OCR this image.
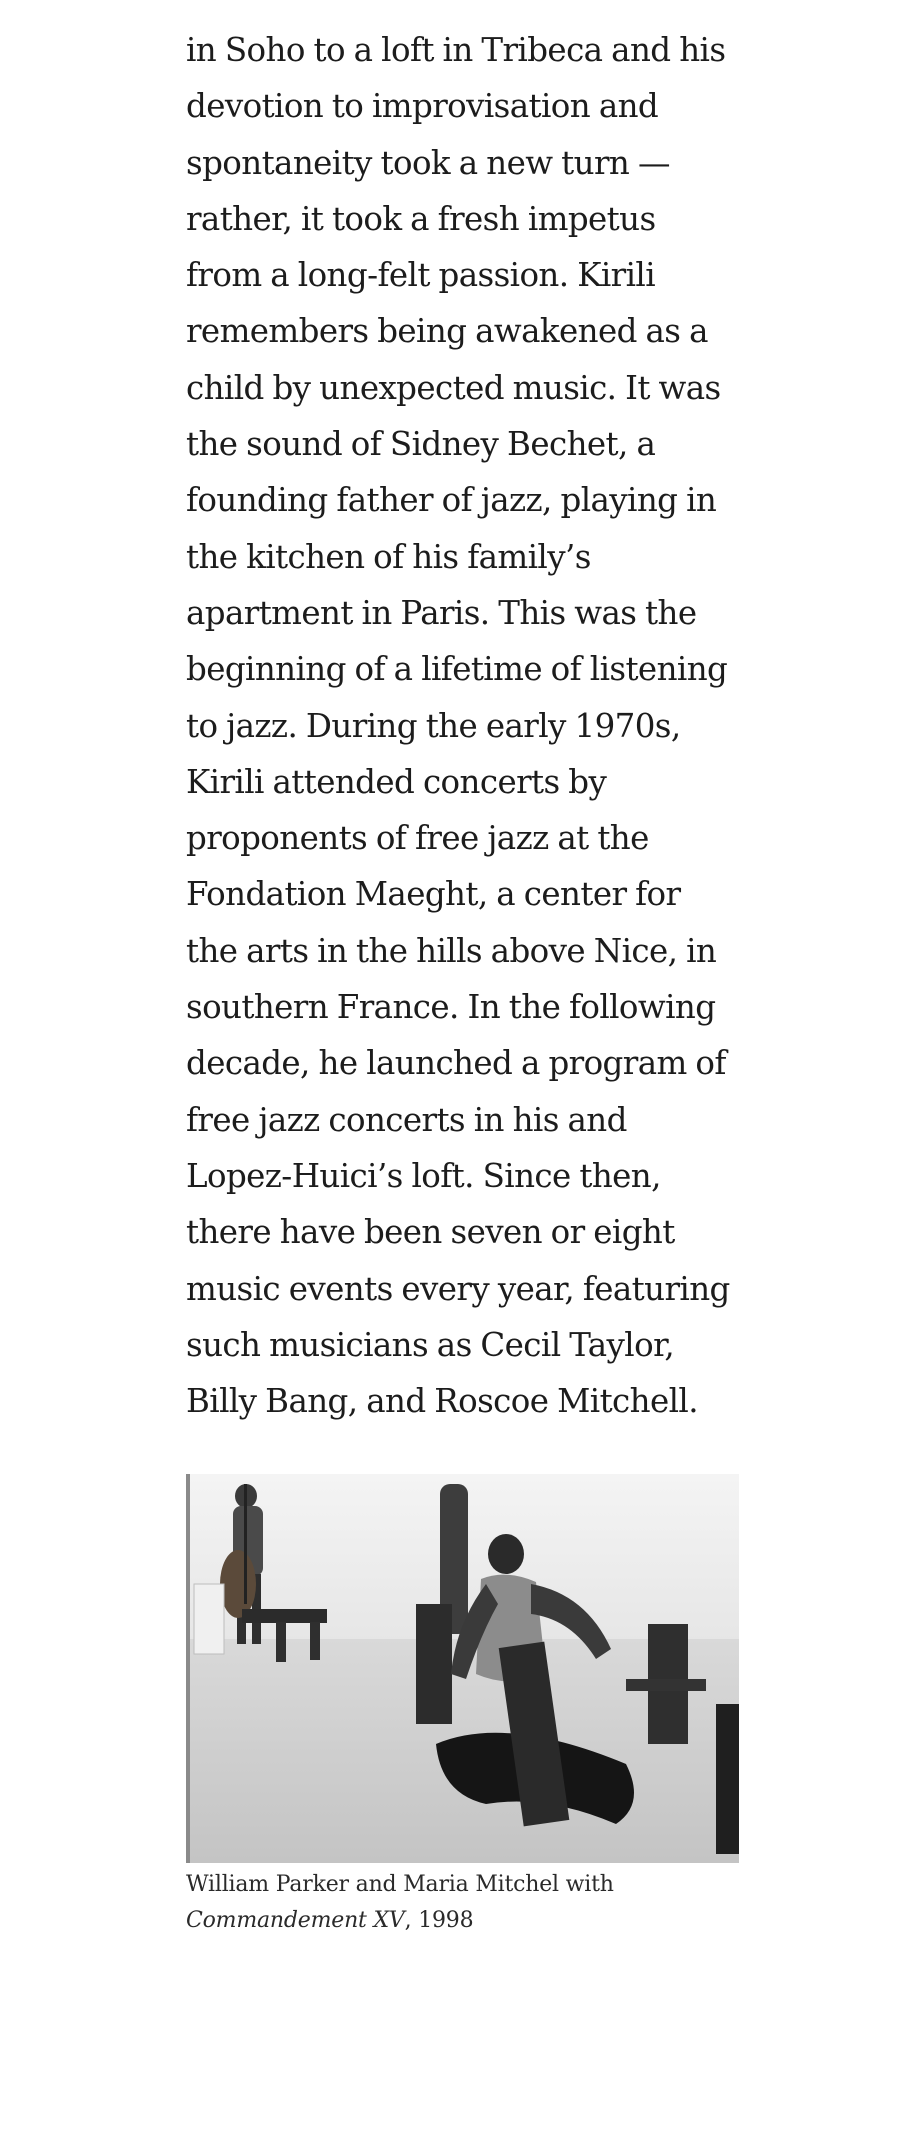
in Soho to a loft in Tribeca and his
devotion to improvisation and
spontaneity took a new turn —
rather, it took a fresh impetus
from a long-felt passion. Kirili
remembers being awakened as a
child by unexpected music. It was
the sound of Sidney Bechet, a
founding father of jazz, playing in
the kitchen of his family’s
apartment in Paris. This was the
beginning of a lifetime of listening
to jazz. During the early 1970s,
Kirili attended concerts by
proponents of free jazz at the
Fondation Maeght, a center for
the arts in the hills above Nice, in
southern France. In the following
decade, he launched a program of
free jazz concerts in his and
Lopez-Huici’s loft. Since then,
there have been seven or eight
music events every year, featuring
such musicians as Cecil Taylor,
Billy Bang, and Roscoe Mitchell.

William Parker and Maria Mitchel with
Commandement XV, 1998
